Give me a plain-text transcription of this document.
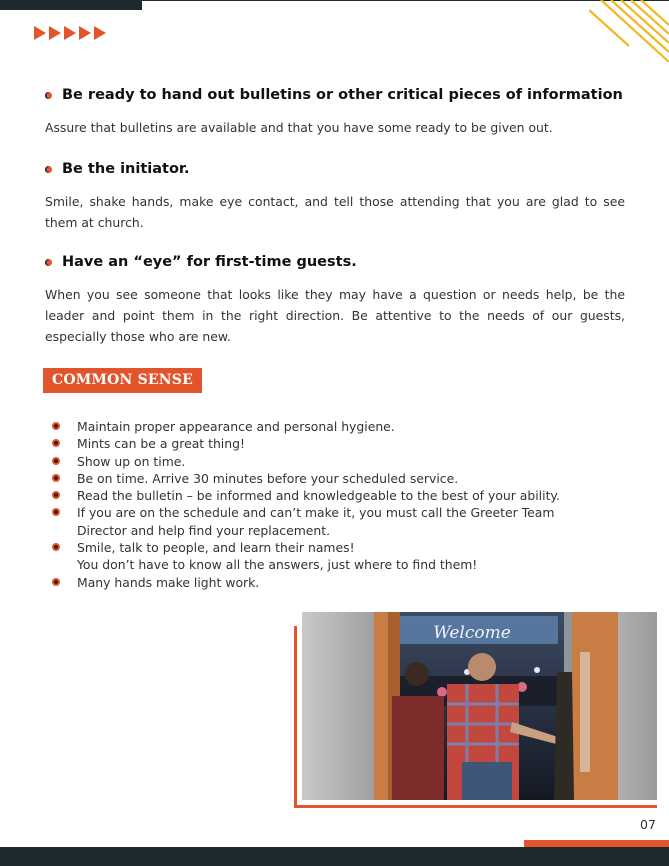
Be ready to hand out bulletins or other critical pieces of information
Assure that bulletins are available and that you have some ready to be given out.
Be the initiator.
Smile, shake hands, make eye contact, and tell those attending that you are glad to see them at church.
Have an “eye” for first-time guests.
When you see someone that looks like they may have a question or needs help, be the leader and point them in the right direction. Be attentive to the needs of our guests, especially those who are new.
COMMON SENSE
Maintain proper appearance and personal hygiene.
Mints can be a great thing!
Show up on time.
Be on time. Arrive 30 minutes before your scheduled service.
Read the bulletin – be informed and knowledgeable to the best of your ability.
If you are on the schedule and can’t make it, you must call the Greeter Team Director and help find your replacement.
Smile, talk to people, and learn their names!
You don’t have to know all the answers, just where to find them!
Many hands make light work.
Welcome
07
